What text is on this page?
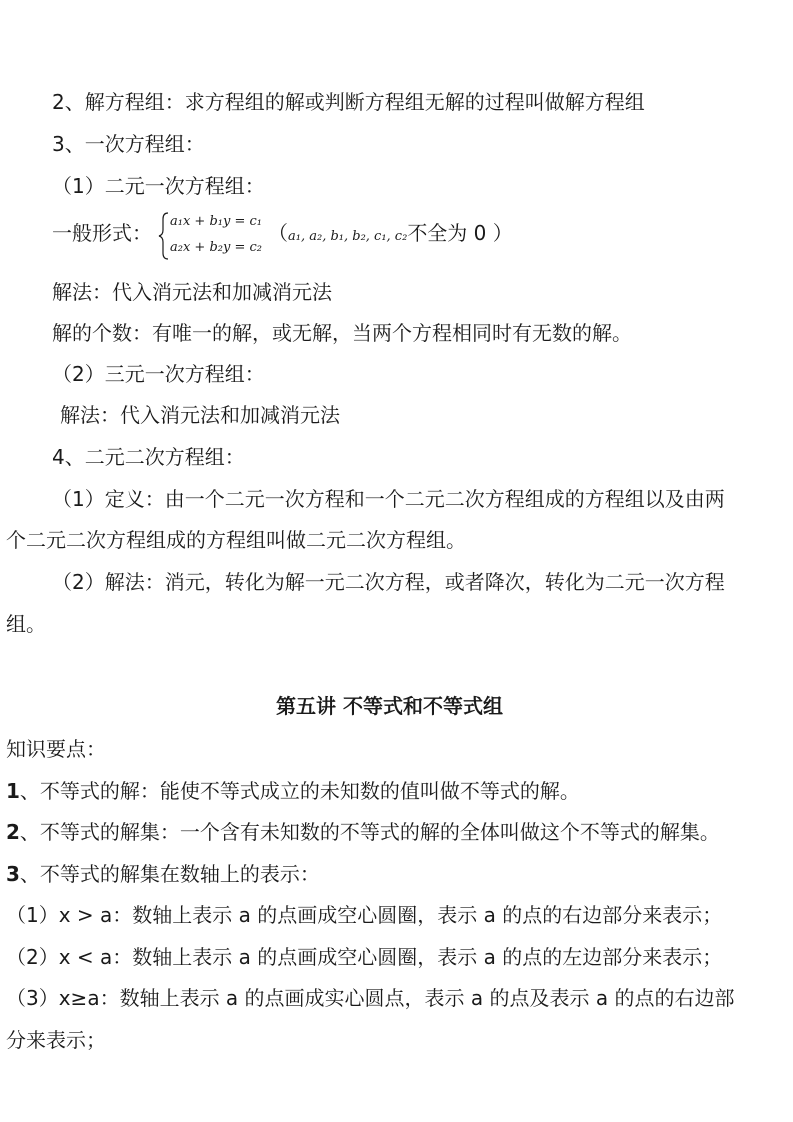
2、解方程组：求方程组的解或判断方程组无解的过程叫做解方程组
3、一次方程组：
（1）二元一次方程组：
一般形式： a₁x + b₁y = c₁
a₂x + b₂y = c₂
（a₁, a₂, b₁, b₂, c₁, c₂不全为 0 ）
解法：代入消元法和加减消元法
解的个数：有唯一的解，或无解，当两个方程相同时有无数的解。
（2）三元一次方程组：
解法：代入消元法和加减消元法
4、二元二次方程组：
（1）定义：由一个二元一次方程和一个二元二次方程组成的方程组以及由两
个二元二次方程组成的方程组叫做二元二次方程组。
（2）解法：消元，转化为解一元二次方程，或者降次，转化为二元一次方程
组。
第五讲 不等式和不等式组
知识要点：
1、不等式的解：能使不等式成立的未知数的值叫做不等式的解。
2、不等式的解集：一个含有未知数的不等式的解的全体叫做这个不等式的解集。
3、不等式的解集在数轴上的表示：
（1）x > a：数轴上表示 a 的点画成空心圆圈，表示 a 的点的右边部分来表示；
（2）x < a：数轴上表示 a 的点画成空心圆圈，表示 a 的点的左边部分来表示；
（3）x≥a：数轴上表示 a 的点画成实心圆点，表示 a 的点及表示 a 的点的右边部
分来表示；
